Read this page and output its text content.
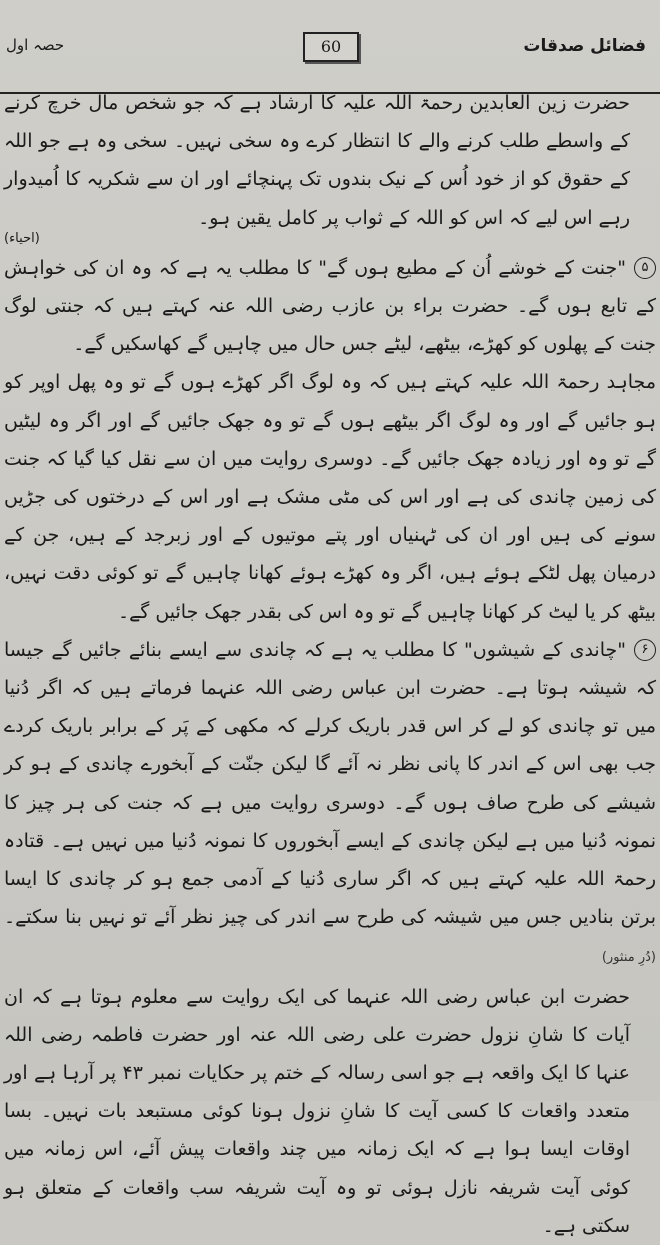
حصہ اول	60	فضائل صدقات

حضرت زین العابدین رحمۃ اللہ علیہ کا ارشاد ہے کہ جو شخص مال خرچ کرنے کے واسطے طلب کرنے والے کا انتظار کرے وہ سخی نہیں۔ سخی وہ ہے جو اللہ کے حقوق کو از خود اُس کے نیک بندوں تک پہنچائے اور ان سے شکریہ کا اُمیدوار رہے اس لیے کہ اس کو اللہ کے ثواب پر کامل یقین ہو۔

(احیاء)

۵"جنت کے خوشے اُن کے مطیع ہوں گے" کا مطلب یہ ہے کہ وہ ان کی خواہش کے تابع ہوں گے۔ حضرت براء بن عازب رضی اللہ عنہ کہتے ہیں کہ جنتی لوگ جنت کے پھلوں کو کھڑے، بیٹھے، لیٹے جس حال میں چاہیں گے کھاسکیں گے۔

مجاہد رحمۃ اللہ علیہ کہتے ہیں کہ وہ لوگ اگر کھڑے ہوں گے تو وہ پھل اوپر کو ہو جائیں گے اور وہ لوگ اگر بیٹھے ہوں گے تو وہ جھک جائیں گے اور اگر وہ لیٹیں گے تو وہ اور زیادہ جھک جائیں گے۔ دوسری روایت میں ان سے نقل کیا گیا کہ جنت کی زمین چاندی کی ہے اور اس کی مٹی مشک ہے اور اس کے درختوں کی جڑیں سونے کی ہیں اور ان کی ٹہنیاں اور پتے موتیوں کے اور زبرجد کے ہیں، جن کے درمیان پھل لٹکے ہوئے ہیں، اگر وہ کھڑے ہوئے کھانا چاہیں گے تو کوئی دقت نہیں، بیٹھ کر یا لیٹ کر کھانا چاہیں گے تو وہ اس کی بقدر جھک جائیں گے۔

۶"چاندی کے شیشوں" کا مطلب یہ ہے کہ چاندی سے ایسے بنائے جائیں گے جیسا کہ شیشہ ہوتا ہے۔ حضرت ابن عباس رضی اللہ عنہما فرماتے ہیں کہ اگر دُنیا میں تو چاندی کو لے کر اس قدر باریک کرلے کہ مکھی کے پَر کے برابر باریک کردے جب بھی اس کے اندر کا پانی نظر نہ آئے گا لیکن جنّت کے آبخورے چاندی کے ہو کر شیشے کی طرح صاف ہوں گے۔ دوسری روایت میں ہے کہ جنت کی ہر چیز کا نمونہ دُنیا میں ہے لیکن چاندی کے ایسے آبخوروں کا نمونہ دُنیا میں نہیں ہے۔ قتادہ رحمۃ اللہ علیہ کہتے ہیں کہ اگر ساری دُنیا کے آدمی جمع ہو کر چاندی کا ایسا برتن بنادیں جس میں شیشہ کی طرح سے اندر کی چیز نظر آئے تو نہیں بنا سکتے۔ (دُرِ منثور)

حضرت ابن عباس رضی اللہ عنہما کی ایک روایت سے معلوم ہوتا ہے کہ ان آیات کا شانِ نزول حضرت علی رضی اللہ عنہ اور حضرت فاطمہ رضی اللہ عنہا کا ایک واقعہ ہے جو اسی رسالہ کے ختم پر حکایات نمبر ۴۳ پر آرہا ہے اور متعدد واقعات کا کسی آیت کا شانِ نزول ہونا کوئی مستبعد بات نہیں۔ بسا اوقات ایسا ہوا ہے کہ ایک زمانہ میں چند واقعات پیش آئے، اس زمانہ میں کوئی آیت شریفہ نازل ہوئی تو وہ آیت شریفہ سب واقعات کے متعلق ہو سکتی ہے۔
